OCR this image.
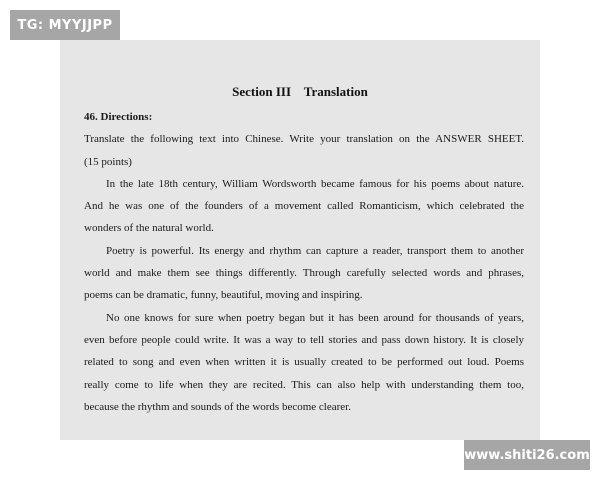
TG: MYYJJPP
Section III    Translation
46. Directions:
Translate the following text into Chinese. Write your translation on the ANSWER SHEET.
(15 points)
In the late 18th century, William Wordsworth became famous for his poems about nature.
And he was one of the founders of a movement called Romanticism, which celebrated the
wonders of the natural world.
Poetry is powerful. Its energy and rhythm can capture a reader, transport them to another
world and make them see things differently. Through carefully selected words and phrases,
poems can be dramatic, funny, beautiful, moving and inspiring.
No one knows for sure when poetry began but it has been around for thousands of years,
even before people could write. It was a way to tell stories and pass down history. It is closely
related to song and even when written it is usually created to be performed out loud. Poems
really come to life when they are recited. This can also help with understanding them too,
because the rhythm and sounds of the words become clearer.
www.shiti26.com
